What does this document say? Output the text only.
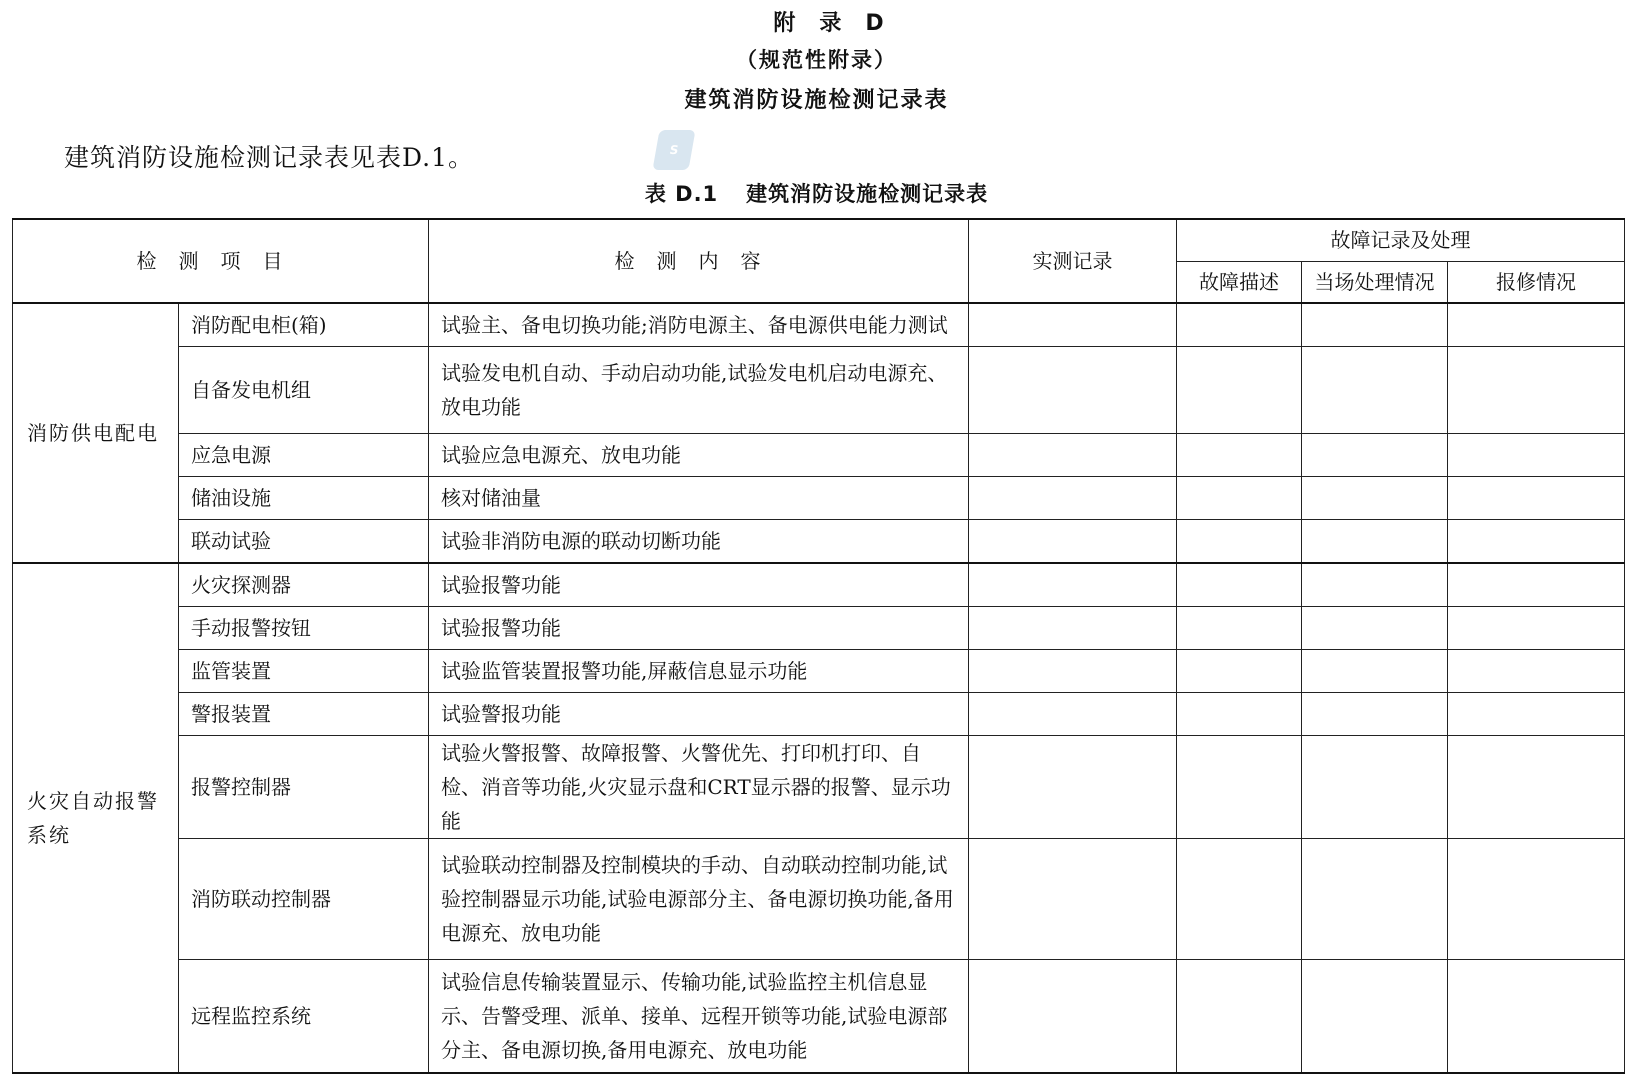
附录D
（规范性附录）
建筑消防设施检测记录表
建筑消防设施检测记录表见表D.1。	S
表 D.1 建筑消防设施检测记录表
检测项目		检测内容	实测记录	故障记录及处理		
				故障描述	当场处理情况	报修情况
消防供电配电	消防配电柜(箱)	试验主、备电切换功能;消防电源主、备电源供电能力测试				
	自备发电机组	试验发电机自动、手动启动功能,试验发电机启动电源充、放电功能				
	应急电源	试验应急电源充、放电功能				
	储油设施	核对储油量				
	联动试验	试验非消防电源的联动切断功能				
火灾自动报警系统	火灾探测器	试验报警功能				
	手动报警按钮	试验报警功能				
	监管装置	试验监管装置报警功能,屏蔽信息显示功能				
	警报装置	试验警报功能				
	报警控制器	试验火警报警、故障报警、火警优先、打印机打印、自检、消音等功能,火灾显示盘和CRT显示器的报警、显示功能				
	消防联动控制器	试验联动控制器及控制模块的手动、自动联动控制功能,试验控制器显示功能,试验电源部分主、备电源切换功能,备用电源充、放电功能				
	远程监控系统	试验信息传输装置显示、传输功能,试验监控主机信息显示、告警受理、派单、接单、远程开锁等功能,试验电源部分主、备电源切换,备用电源充、放电功能				
